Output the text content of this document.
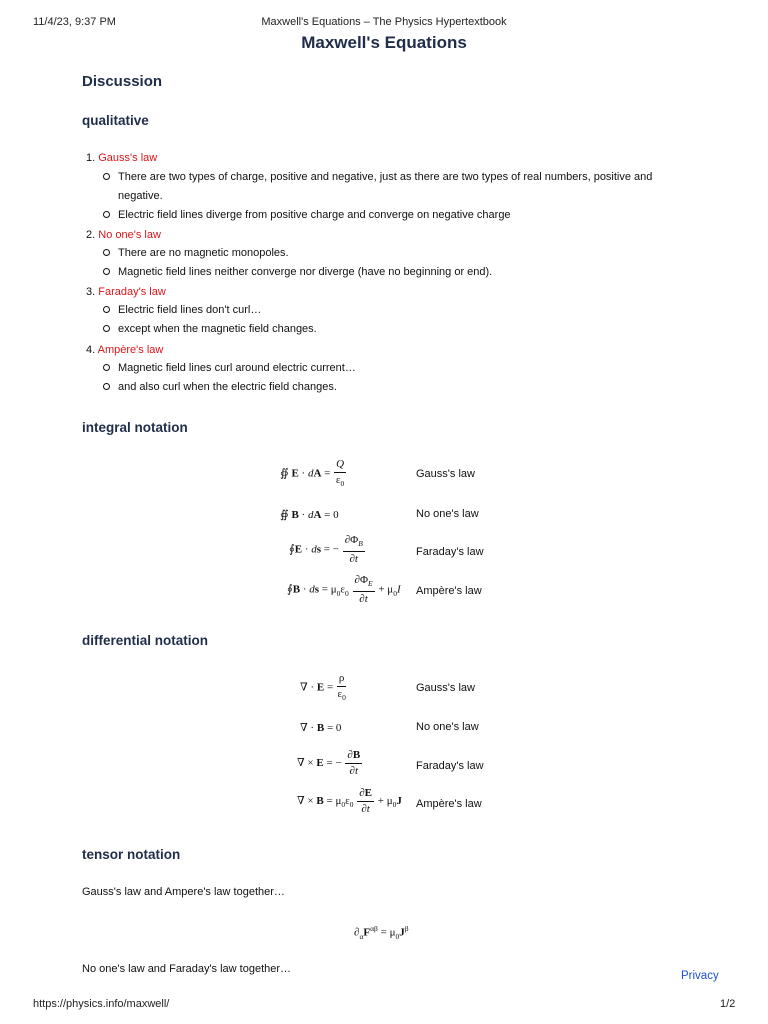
11/4/23, 9:37 PM	Maxwell's Equations – The Physics Hypertextbook
Maxwell's Equations
Discussion
qualitative
1. Gauss's law
There are two types of charge, positive and negative, just as there are two types of real numbers, positive and negative.
Electric field lines diverge from positive charge and converge on negative charge
2. No one's law
There are no magnetic monopoles.
Magnetic field lines neither converge nor diverge (have no beginning or end).
3. Faraday's law
Electric field lines don't curl…
except when the magnetic field changes.
4. Ampère's law
Magnetic field lines curl around electric current…
and also curl when the electric field changes.
integral notation
∯ E · dA = $\frac{Q}{\varepsilon_0}$	Gauss's law
∯ B · dA = 0	No one's law
∮E · ds = − $\frac{\partial\Phi_B}{\partial t}$	Faraday's law
∮B · ds = $\mu_0\varepsilon_0 \frac{\partial\Phi_E}{\partial t} + \mu_0I$ Ampère's law
differential notation
∇ · $E = \frac{\rho}{\varepsilon_0}$	Gauss's law
∇ · B = 0	No one's law
∇ × E = − $\frac{\partial B}{\partial t}$	Faraday's law
∇ × $B = \mu_0\varepsilon_0 \frac{\partial E}{\partial t} + \mu_0J$ Ampère's law
tensor notation
Gauss's law and Ampere's law together…
$\partial_\alpha F^{\alpha\beta} = \mu_0J^\beta$
No one's law and Faraday's law together…
Privacy
https://physics.info/maxwell/	1/2
